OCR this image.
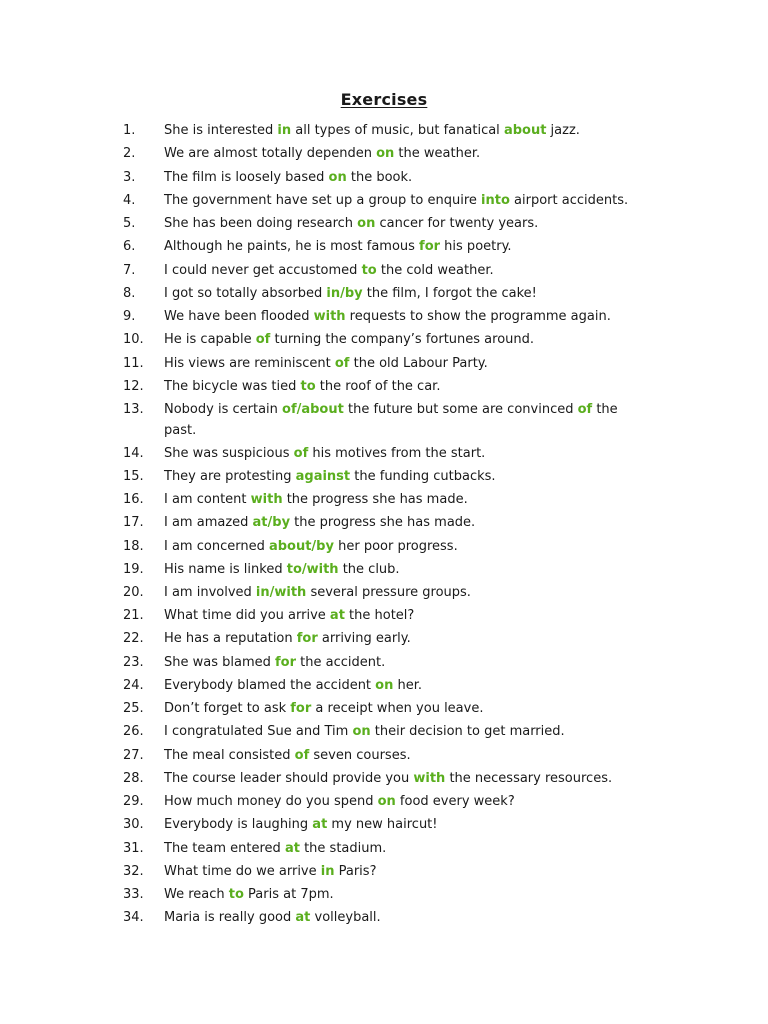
Exercises
1. She is interested in all types of music, but fanatical about jazz.
2. We are almost totally dependen on the weather.
3. The film is loosely based on the book.
4. The government have set up a group to enquire into airport accidents.
5. She has been doing research on cancer for twenty years.
6. Although he paints, he is most famous for his poetry.
7. I could never get accustomed to the cold weather.
8. I got so totally absorbed in/by the film, I forgot the cake!
9. We have been flooded with requests to show the programme again.
10. He is capable of turning the company’s fortunes around.
11. His views are reminiscent of the old Labour Party.
12. The bicycle was tied to the roof of the car.
13. Nobody is certain of/about the future but some are convinced of the past.
14. She was suspicious of his motives from the start.
15. They are protesting against the funding cutbacks.
16. I am content with the progress she has made.
17. I am amazed at/by the progress she has made.
18. I am concerned about/by her poor progress.
19. His name is linked to/with the club.
20. I am involved in/with several pressure groups.
21. What time did you arrive at the hotel?
22. He has a reputation for arriving early.
23. She was blamed for the accident.
24. Everybody blamed the accident on her.
25. Don’t forget to ask for a receipt when you leave.
26. I congratulated Sue and Tim on their decision to get married.
27. The meal consisted of seven courses.
28. The course leader should provide you with the necessary resources.
29. How much money do you spend on food every week?
30. Everybody is laughing at my new haircut!
31. The team entered at the stadium.
32. What time do we arrive in Paris?
33. We reach to Paris at 7pm.
34. Maria is really good at volleyball.
